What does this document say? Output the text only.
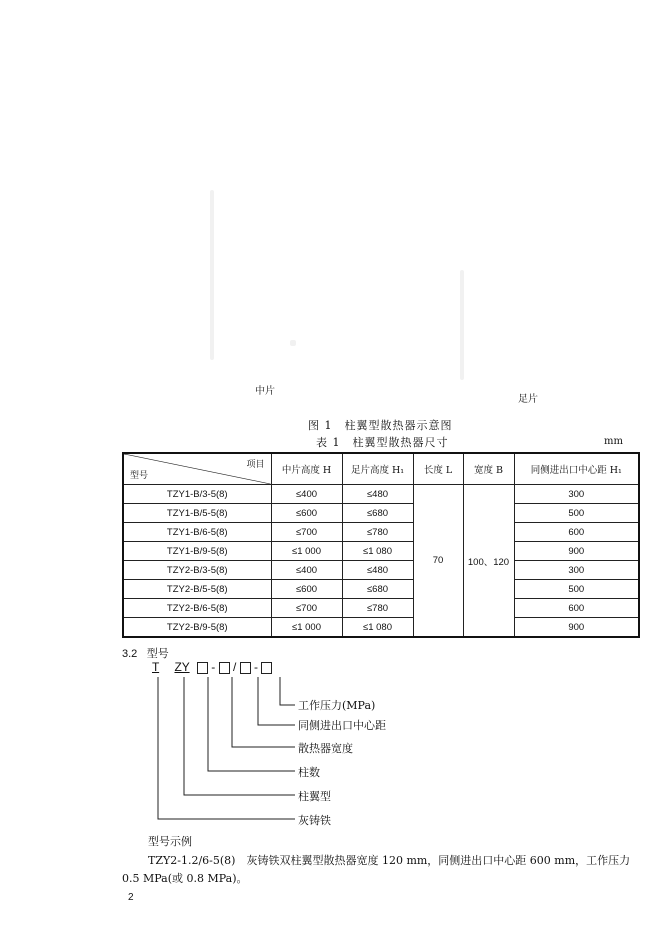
中片
足片
图 1　柱翼型散热器示意图
表 1　柱翼型散热器尺寸	mm
项目
型号	中片高度 H	足片高度 H₁	长度 L	宽度 B	同侧进出口中心距 H₁
TZY1-B/3-5(8)	≤400	≤480	70	100、120	300
TZY1-B/5-5(8)	≤600	≤680			500
TZY1-B/6-5(8)	≤700	≤780			600
TZY1-B/9-5(8)	≤1 000	≤1 080			900
TZY2-B/3-5(8)	≤400	≤480			300
TZY2-B/5-5(8)	≤600	≤680			500
TZY2-B/6-5(8)	≤700	≤780			600
TZY2-B/9-5(8)	≤1 000	≤1 080			900
3.2 型号
T ZY - / -
工作压力(MPa)
同侧进出口中心距
散热器宽度
柱数
柱翼型
灰铸铁
型号示例
TZY2-1.2/6-5(8)　灰铸铁双柱翼型散热器宽度 120 mm，同侧进出口中心距 600 mm，工作压力
0.5 MPa(或 0.8 MPa)。
2
